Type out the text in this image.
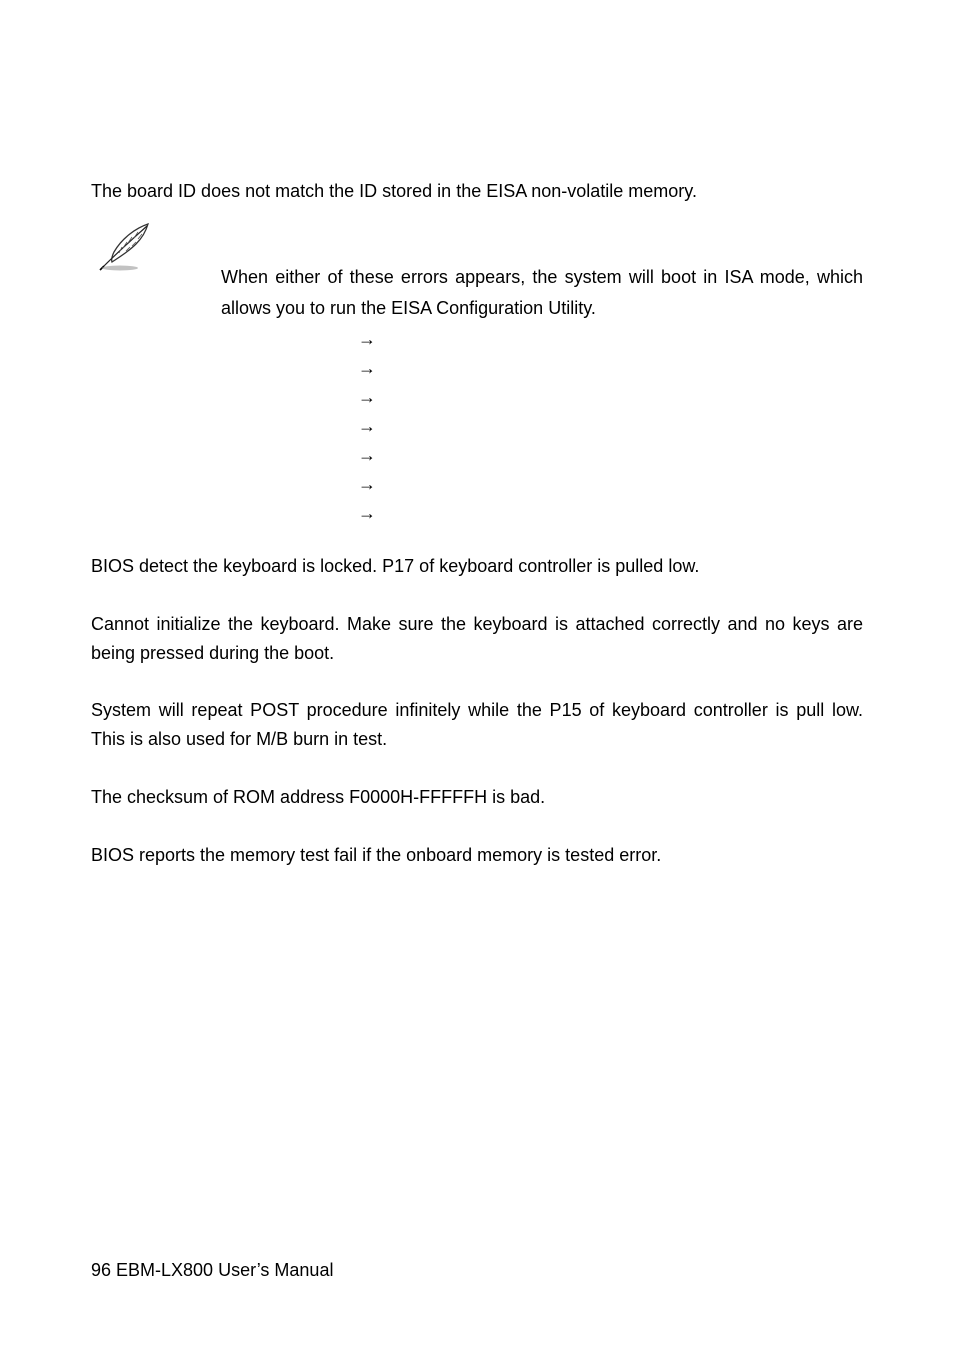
The board ID does not match the ID stored in the EISA non-volatile memory.

When either of these errors appears, the system will boot in ISA mode, which allows you to run the EISA Configuration Utility.

→
→
→
→
→
→
→

BIOS detect the keyboard is locked. P17 of keyboard controller is pulled low.

Cannot initialize the keyboard. Make sure the keyboard is attached correctly and no keys are being pressed during the boot.

System will repeat POST procedure infinitely while the P15 of keyboard controller is pull low. This is also used for M/B burn in test.

The checksum of ROM address F0000H-FFFFFH is bad.

BIOS reports the memory test fail if the onboard memory is tested error.

96 EBM-LX800 User’s Manual
